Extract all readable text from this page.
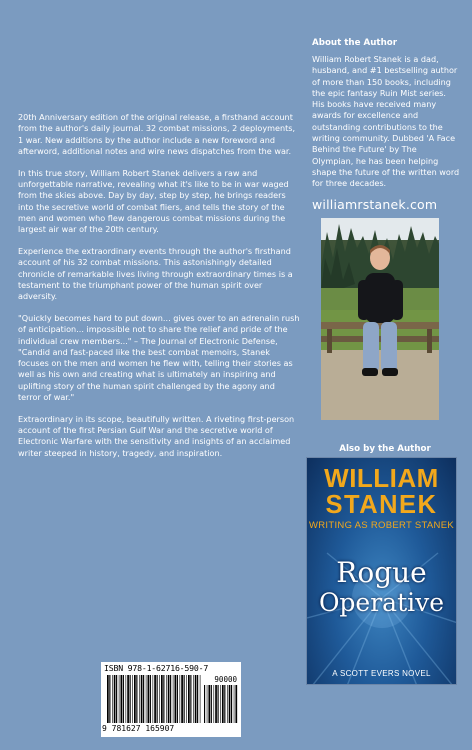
20th Anniversary edition of the original release, a firsthand account from the author's daily journal. 32 combat missions, 2 deployments, 1 war. New additions by the author include a new foreword and afterword, additional notes and wire news dispatches from the war.

In this true story, William Robert Stanek delivers a raw and unforgettable narrative, revealing what it's like to be in war waged from the skies above. Day by day, step by step, he brings readers into the secretive world of combat fliers, and tells the story of the men and women who flew dangerous combat missions during the largest air war of the 20th century.

Experience the extraordinary events through the author's firsthand account of his 32 combat missions. This astonishingly detailed chronicle of remarkable lives living through extraordinary times is a testament to the triumphant power of the human spirit over adversity.

"Quickly becomes hard to put down... gives over to an adrenalin rush of anticipation... impossible not to share the relief and pride of the individual crew members..." – The Journal of Electronic Defense, "Candid and fast-paced like the best combat memoirs, Stanek focuses on the men and women he flew with, telling their stories as well as his own and creating what is ultimately an inspiring and uplifting story of the human spirit challenged by the agony and terror of war."

Extraordinary in its scope, beautifully written. A riveting first-person account of the first Persian Gulf War and the secretive world of Electronic Warfare with the sensitivity and insights of an acclaimed writer steeped in history, tragedy, and inspiration.

About the Author

William Robert Stanek is a dad, husband, and #1 bestselling author of more than 150 books, including the epic fantasy Ruin Mist series. His books have received many awards for excellence and outstanding contributions to the writing community. Dubbed 'A Face Behind the Future' by The Olympian, he has been helping shape the future of the written word for three decades.

williamrstanek.com
Also by the Author
WILLIAM
STANEK
WRITING AS ROBERT STANEK
Rogue
Operative
A SCOTT EVERS NOVEL
ISBN 978-1-62716-590-7
90000
9 781627 165907
